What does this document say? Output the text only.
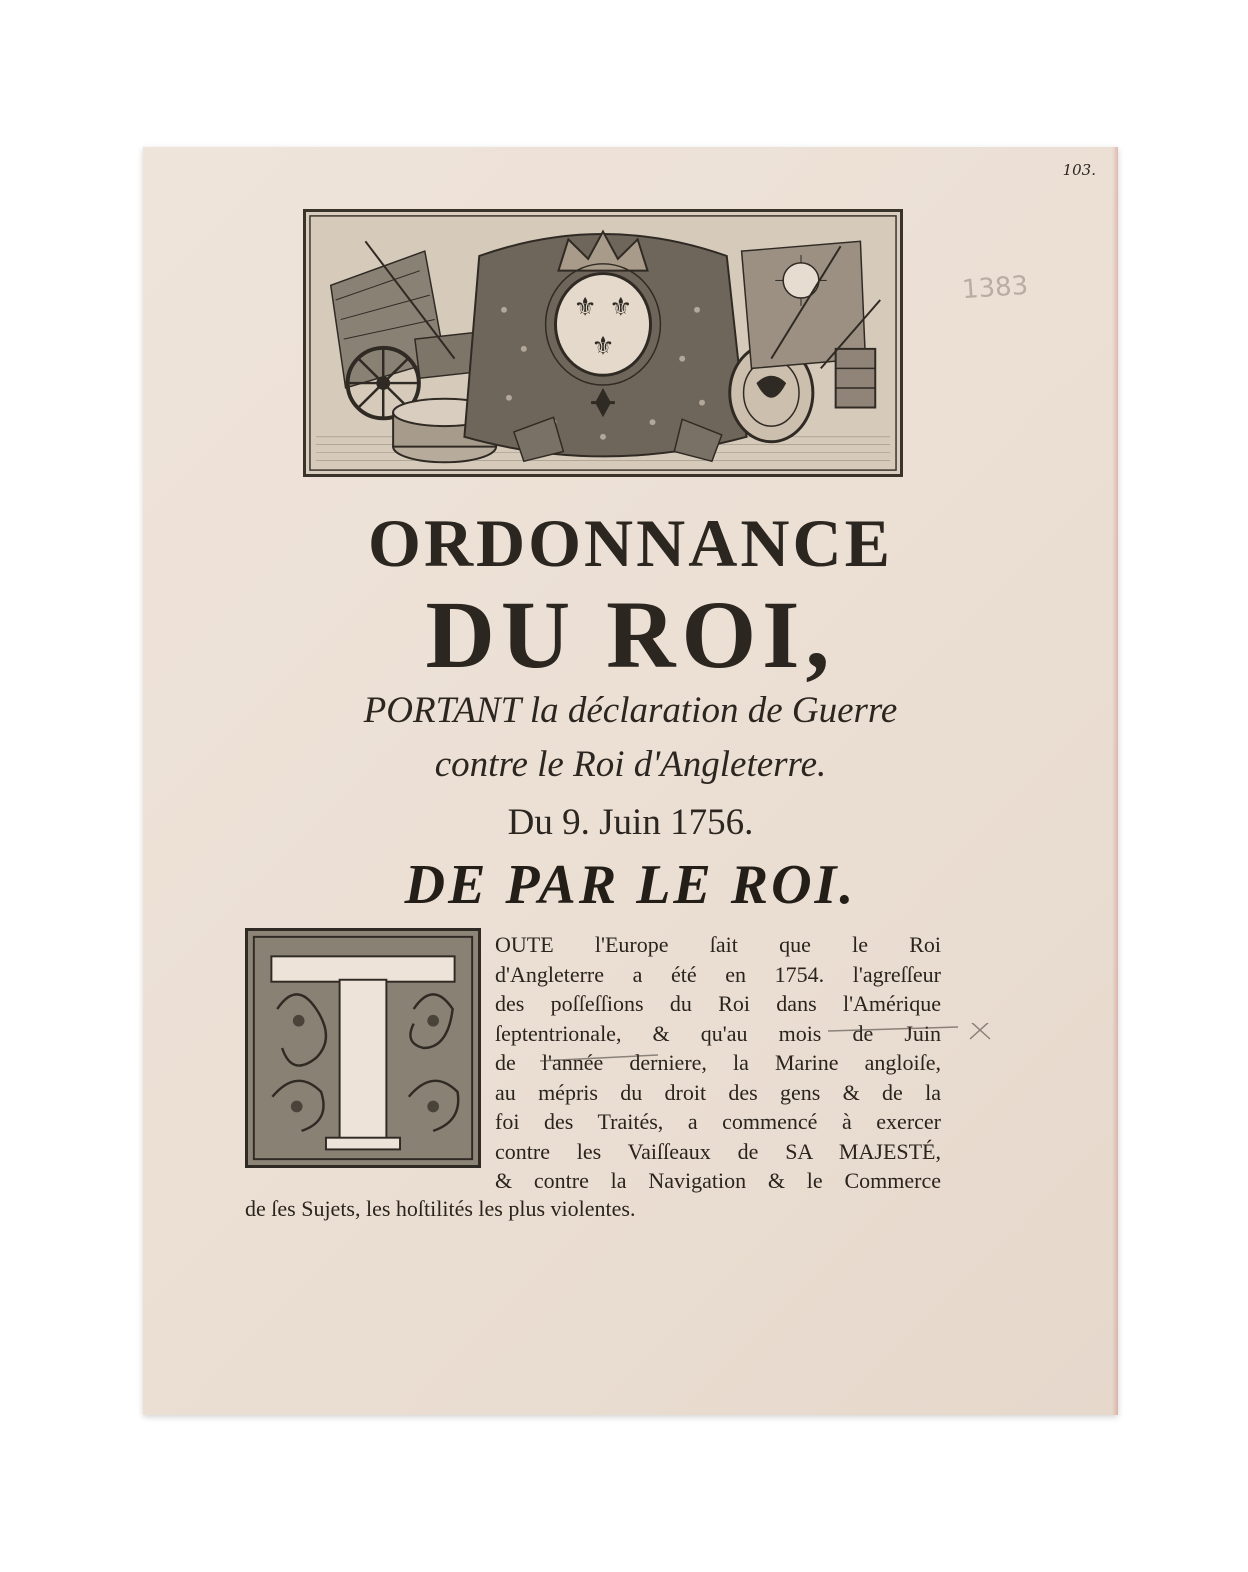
103.
1383
⚜ ⚜
⚜
ORDONNANCE
DU ROI,

PORTANT la déclaration de Guerre

contre le Roi d'Angleterre.

Du 9. Juin 1756.
DE PAR LE ROI.
OUTE l'Europe ſait que le Roi
d'Angleterre a été en 1754. l'agreſſeur
des poſſeſſions du Roi dans l'Amérique
ſeptentrionale, & qu'au mois de Juin
de l'année derniere, la Marine angloiſe,
au mépris du droit des gens & de la
foi des Traités, a commencé à exercer
contre les Vaiſſeaux de SA MAJESTÉ,
& contre la Navigation & le Commerce

de ſes Sujets, les hoſtilités les plus violentes.
